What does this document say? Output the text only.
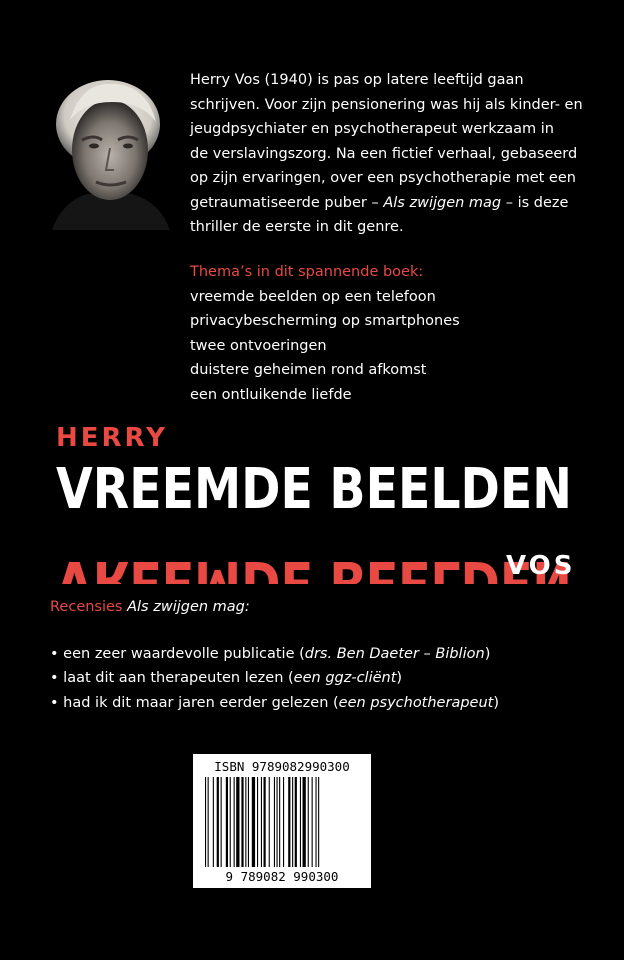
Herry Vos (1940) is pas op latere leeftijd gaan

schrijven. Voor zijn pensionering was hij als kinder- en

jeugdpsychiater en psychotherapeut werkzaam in

de verslavingszorg. Na een fictief verhaal, gebaseerd

op zijn ervaringen, over een psychotherapie met een

getraumatiseerde puber – Als zwijgen mag – is deze

thriller de eerste in dit genre.

Thema’s in dit spannende boek:
vreemde beelden op een telefoon
privacybescherming op smartphones
twee ontvoeringen
duistere geheimen rond afkomst
een ontluikende liefde
HERRY
VREEMDE BEELDEN
VREEMDE BEELDEN
VOS
Recensies Als zwijgen mag:
• een zeer waardevolle publicatie (drs. Ben Daeter – Biblion)
• laat dit aan therapeuten lezen (een ggz-cliënt)
• had ik dit maar jaren eerder gelezen (een psychotherapeut)
ISBN 9789082990300
9 789082 990300
